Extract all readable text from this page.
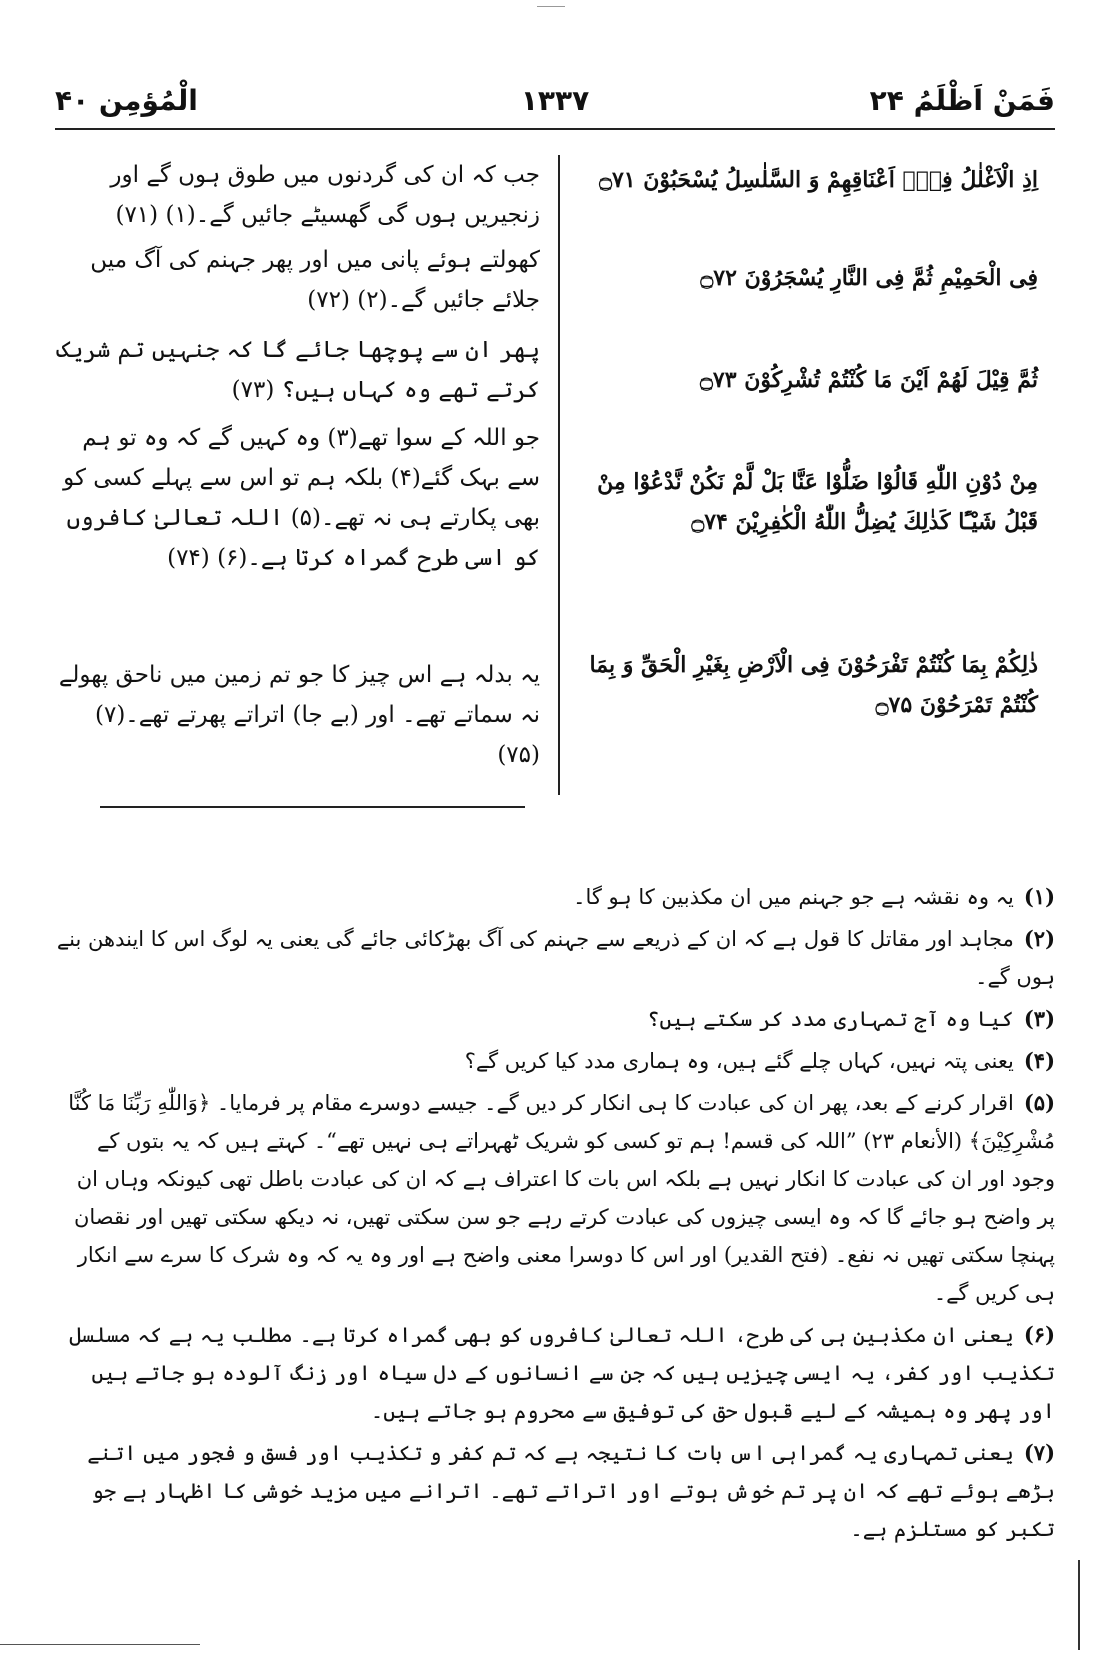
فَمَنْ اَظْلَمُ ۲۴
۱۳۳۷
الْمُؤمِن ۴۰
اِذِ الْاَغْلٰلُ فِیْۤ اَعْنَاقِهِمْ وَ السَّلٰسِلُ یُسْحَبُوْنَ ۝۷۱
جب کہ ان کی گردنوں میں طوق ہوں گے اور زنجیریں ہوں گی گھسیٹے جائیں گے۔(۱) (۷۱)
فِی الْحَمِیْمِ ثُمَّ فِی النَّارِ یُسْجَرُوْنَ ۝۷۲
کھولتے ہوئے پانی میں اور پھر جہنم کی آگ میں جلائے جائیں گے۔(۲) (۷۲)
ثُمَّ قِیْلَ لَهُمْ اَیْنَ مَا كُنْتُمْ تُشْرِكُوْنَ ۝۷۳
پھر ان سے پوچھا جائے گا کہ جنہیں تم شریک کرتے تھے وہ کہاں ہیں؟ (۷۳)
مِنْ دُوْنِ اللّٰهِ قَالُوْا ضَلُّوْا عَنَّا بَلْ لَّمْ نَكُنْ نَّدْعُوْا مِنْ قَبْلُ شَیْـًٔا كَذٰلِكَ یُضِلُّ اللّٰهُ الْكٰفِرِیْنَ ۝۷۴
جو اللہ کے سوا تھے(۳) وہ کہیں گے کہ وہ تو ہم سے بہک گئے(۴) بلکہ ہم تو اس سے پہلے کسی کو بھی پکارتے ہی نہ تھے۔(۵) اللہ تعالیٰ کافروں کو اسی طرح گمراہ کرتا ہے۔(۶) (۷۴)
ذٰلِكُمْ بِمَا كُنْتُمْ تَفْرَحُوْنَ فِی الْاَرْضِ بِغَیْرِ الْحَقِّ وَ بِمَا كُنْتُمْ تَمْرَحُوْنَ ۝۷۵
یہ بدلہ ہے اس چیز کا جو تم زمین میں ناحق پھولے نہ سماتے تھے۔ اور (بے جا) اتراتے پھرتے تھے۔(۷) (۷۵)
(۱)یہ وہ نقشہ ہے جو جہنم میں ان مکذبین کا ہو گا۔
(۲)مجاہد اور مقاتل کا قول ہے کہ ان کے ذریعے سے جہنم کی آگ بھڑکائی جائے گی یعنی یہ لوگ اس کا ایندھن بنے ہوں گے۔
(۳)کیا وہ آج تمہاری مدد کر سکتے ہیں؟
(۴)یعنی پتہ نہیں، کہاں چلے گئے ہیں، وہ ہماری مدد کیا کریں گے؟
(۵)اقرار کرنے کے بعد، پھر ان کی عبادت کا ہی انکار کر دیں گے۔ جیسے دوسرے مقام پر فرمایا۔ ﴿وَاللّٰهِ رَبِّنَا مَا كُنَّا مُشْرِكِیْنَ﴾ (الأنعام ۲۳) ”اللہ کی قسم! ہم تو کسی کو شریک ٹھہراتے ہی نہیں تھے“۔ کہتے ہیں کہ یہ بتوں کے وجود اور ان کی عبادت کا انکار نہیں ہے بلکہ اس بات کا اعتراف ہے کہ ان کی عبادت باطل تھی کیونکہ وہاں ان پر واضح ہو جائے گا کہ وہ ایسی چیزوں کی عبادت کرتے رہے جو سن سکتی تھیں، نہ دیکھ سکتی تھیں اور نقصان پہنچا سکتی تھیں نہ نفع۔ (فتح القدیر) اور اس کا دوسرا معنی واضح ہے اور وہ یہ کہ وہ شرک کا سرے سے انکار ہی کریں گے۔
(۶)یعنی ان مکذبین ہی کی طرح، اللہ تعالیٰ کافروں کو بھی گمراہ کرتا ہے۔ مطلب یہ ہے کہ مسلسل تکذیب اور کفر، یہ ایسی چیزیں ہیں کہ جن سے انسانوں کے دل سیاہ اور زنگ آلودہ ہو جاتے ہیں اور پھر وہ ہمیشہ کے لیے قبول حق کی توفیق سے محروم ہو جاتے ہیں۔
(۷)یعنی تمہاری یہ گمراہی اس بات کا نتیجہ ہے کہ تم کفر و تکذیب اور فسق و فجور میں اتنے بڑھے ہوئے تھے کہ ان پر تم خوش ہوتے اور اتراتے تھے۔ اترانے میں مزید خوشی کا اظہار ہے جو تکبر کو مستلزم ہے۔
